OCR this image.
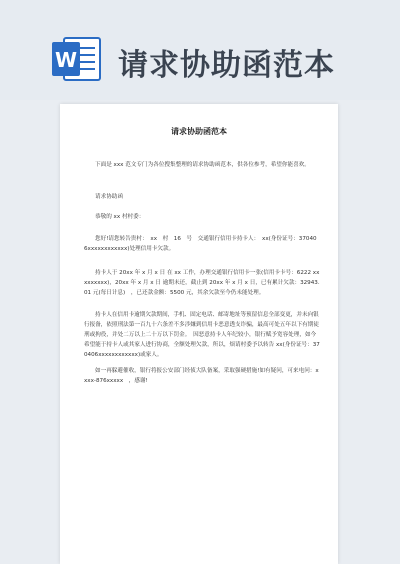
W 请求协助函范本
请求协助函范本
下面是 xxx 范文专门为各位搜集整理的请求协助函范本，供各位参考，希望你能喜欢。
请求协助函
恭敬的 xx 村村委：
您好!请您转告贵村：　xx　村　16　号　交通银行信用卡持卡人：　xx(身份证号：370406xxxxxxxxxxxx)处理信用卡欠款。
持卡人于 20xx 年 x 月 x 日 在 xx 工作，办理交通银行信用卡一张(信用卡卡号：6222 xxxxxxxxx)，20xx 年 x 月 x 日 逾期未还，截止到 20xx 年 x 月 x 日，已有累计欠款：32943.01 元(每日计息)　，已还款金额：5500 元，其余欠款至今仍未能处理。
持卡人在信用卡逾期欠款期间，手机、固定电话、邮寄地址等预留信息全部变更，并未向银行报备，依照刑法第一百九十六条差不多涉嫌到信用卡恶意透支诈骗，最高可处五年以下有期徒刑或拘役，并处二万以上二十万以下罚金。　因恶意持卡人年纪较小，银行赋予宽容处理，如今希望能于持卡人或其家人进行协商，全额处理欠款，所以，烦请村委予以转告 xx(身份证号：370406xxxxxxxxxxxx)或家人。
如一再躲避催收，银行将报公安部门经侦大队备案，采取强硬措施!如有疑问，可来电问：xxxx-876xxxxx　，感谢!
